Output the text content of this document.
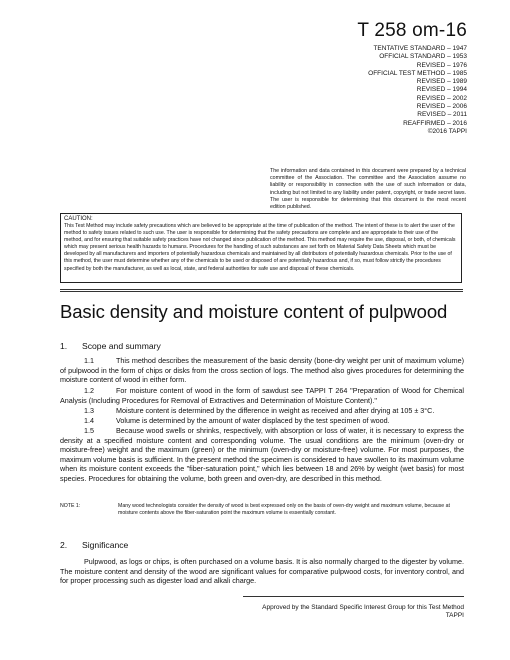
T 258 om-16
TENTATIVE STANDARD – 1947
OFFICIAL STANDARD – 1953
REVISED – 1976
OFFICIAL TEST METHOD – 1985
REVISED – 1989
REVISED – 1994
REVISED – 2002
REVISED – 2006
REVISED – 2011
REAFFIRMED – 2016
©2016 TAPPI
The information and data contained in this document were prepared by a technical committee of the Association. The committee and the Association assume no liability or responsibility in connection with the use of such information or data, including but not limited to any liability under patent, copyright, or trade secret laws. The user is responsible for determining that this document is the most recent edition published.
CAUTION:
This Test Method may include safety precautions which are believed to be appropriate at the time of publication of the method. The intent of these is to alert the user of the method to safety issues related to such use. The user is responsible for determining that the safety precautions are complete and are appropriate to their use of the method, and for ensuring that suitable safety practices have not changed since publication of the method. This method may require the use, disposal, or both, of chemicals which may present serious health hazards to humans. Procedures for the handling of such substances are set forth on Material Safety Data Sheets which must be developed by all manufacturers and importers of potentially hazardous chemicals and maintained by all distributors of potentially hazardous chemicals. Prior to the use of this method, the user must determine whether any of the chemicals to be used or disposed of are potentially hazardous and, if so, must follow strictly the procedures specified by both the manufacturer, as well as local, state, and federal authorities for safe use and disposal of these chemicals.
Basic density and moisture content of pulpwood
1. Scope and summary

1.1	This method describes the measurement of the basic density (bone-dry weight per unit of maximum volume) of pulpwood in the form of chips or disks from the cross section of logs. The method also gives procedures for determining the moisture content of wood in either form.

1.2	For moisture content of wood in the form of sawdust see TAPPI T 264 "Preparation of Wood for Chemical Analysis (Including Procedures for Removal of Extractives and Determination of Moisture Content)."

1.3	Moisture content is determined by the difference in weight as received and after drying at 105 ± 3°C.

1.4	Volume is determined by the amount of water displaced by the test specimen of wood.

1.5	Because wood swells or shrinks, respectively, with absorption or loss of water, it is necessary to express the density at a specified moisture content and corresponding volume. The usual conditions are the minimum (oven-dry or moisture-free) weight and the maximum (green) or the minimum (oven-dry or moisture-free) volume. For most purposes, the maximum volume basis is sufficient. In the present method the specimen is considered to have swollen to its maximum volume when its moisture content exceeds the "fiber-saturation point," which lies between 18 and 26% by weight (wet basis) for most species. Procedures for obtaining the volume, both green and oven-dry, are described in this method.

NOTE 1:	Many wood technologists consider the density of wood is best expressed only on the basis of oven-dry weight and maximum volume, because at moisture contents above the fiber-saturation point the maximum volume is essentially constant.
2. Significance

Pulpwood, as logs or chips, is often purchased on a volume basis. It is also normally charged to the digester by volume. The moisture content and density of the wood are significant values for comparative pulpwood costs, for inventory control, and for proper processing such as digester load and alkali charge.

Approved by the Standard Specific Interest Group for this Test Method
TAPPI
